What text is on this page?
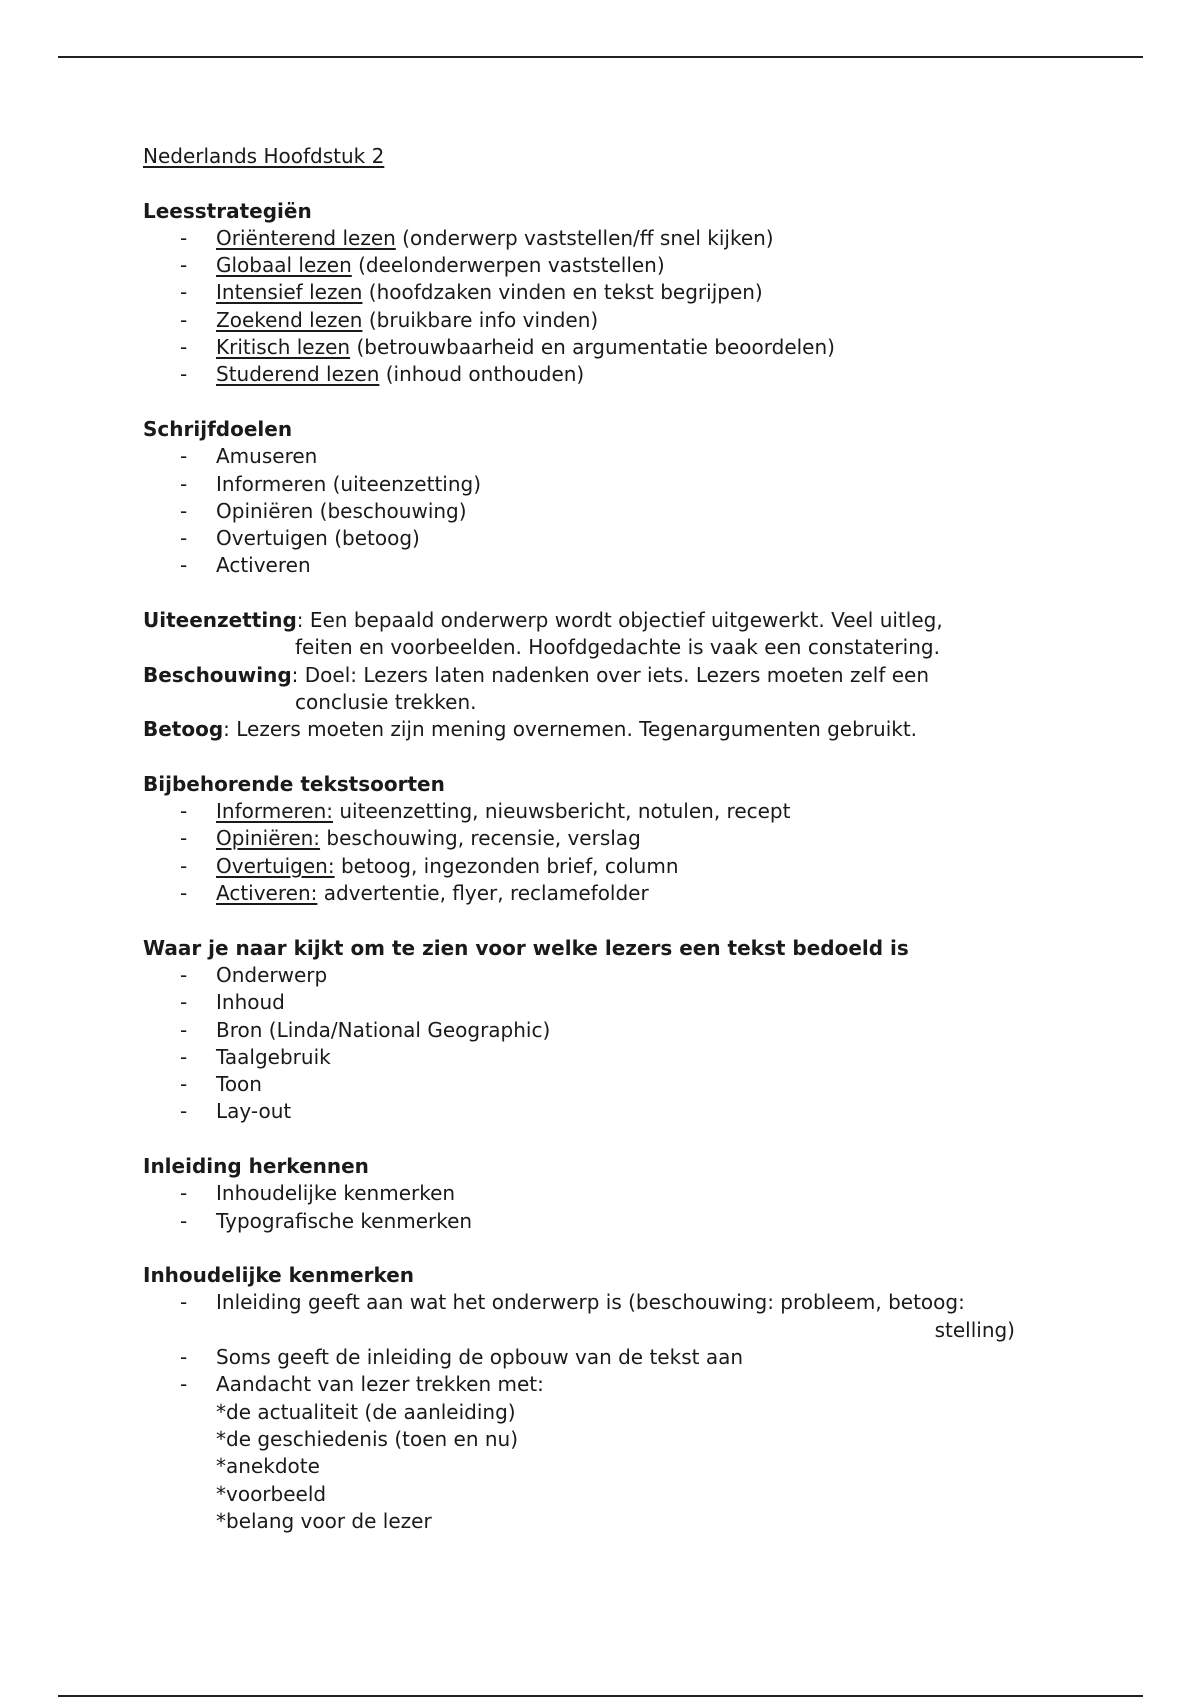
Nederlands Hoofdstuk 2
Leesstrategiën
- Oriënterend lezen (onderwerp vaststellen/ff snel kijken)
- Globaal lezen (deelonderwerpen vaststellen)
- Intensief lezen (hoofdzaken vinden en tekst begrijpen)
- Zoekend lezen (bruikbare info vinden)
- Kritisch lezen (betrouwbaarheid en argumentatie beoordelen)
- Studerend lezen (inhoud onthouden)
Schrijfdoelen
- Amuseren
- Informeren (uiteenzetting)
- Opiniëren (beschouwing)
- Overtuigen (betoog)
- Activeren
Uiteenzetting: Een bepaald onderwerp wordt objectief uitgewerkt. Veel uitleg,
feiten en voorbeelden. Hoofdgedachte is vaak een constatering.
Beschouwing: Doel: Lezers laten nadenken over iets. Lezers moeten zelf een
conclusie trekken.
Betoog: Lezers moeten zijn mening overnemen. Tegenargumenten gebruikt.
Bijbehorende tekstsoorten
- Informeren: uiteenzetting, nieuwsbericht, notulen, recept
- Opiniëren: beschouwing, recensie, verslag
- Overtuigen: betoog, ingezonden brief, column
- Activeren: advertentie, flyer, reclamefolder
Waar je naar kijkt om te zien voor welke lezers een tekst bedoeld is
- Onderwerp
- Inhoud
- Bron (Linda/National Geographic)
- Taalgebruik
- Toon
- Lay-out
Inleiding herkennen
- Inhoudelijke kenmerken
- Typografische kenmerken
Inhoudelijke kenmerken
- Inleiding geeft aan wat het onderwerp is (beschouwing: probleem, betoog:
stelling)
- Soms geeft de inleiding de opbouw van de tekst aan
- Aandacht van lezer trekken met:
*de actualiteit (de aanleiding)
*de geschiedenis (toen en nu)
*anekdote
*voorbeeld
*belang voor de lezer
